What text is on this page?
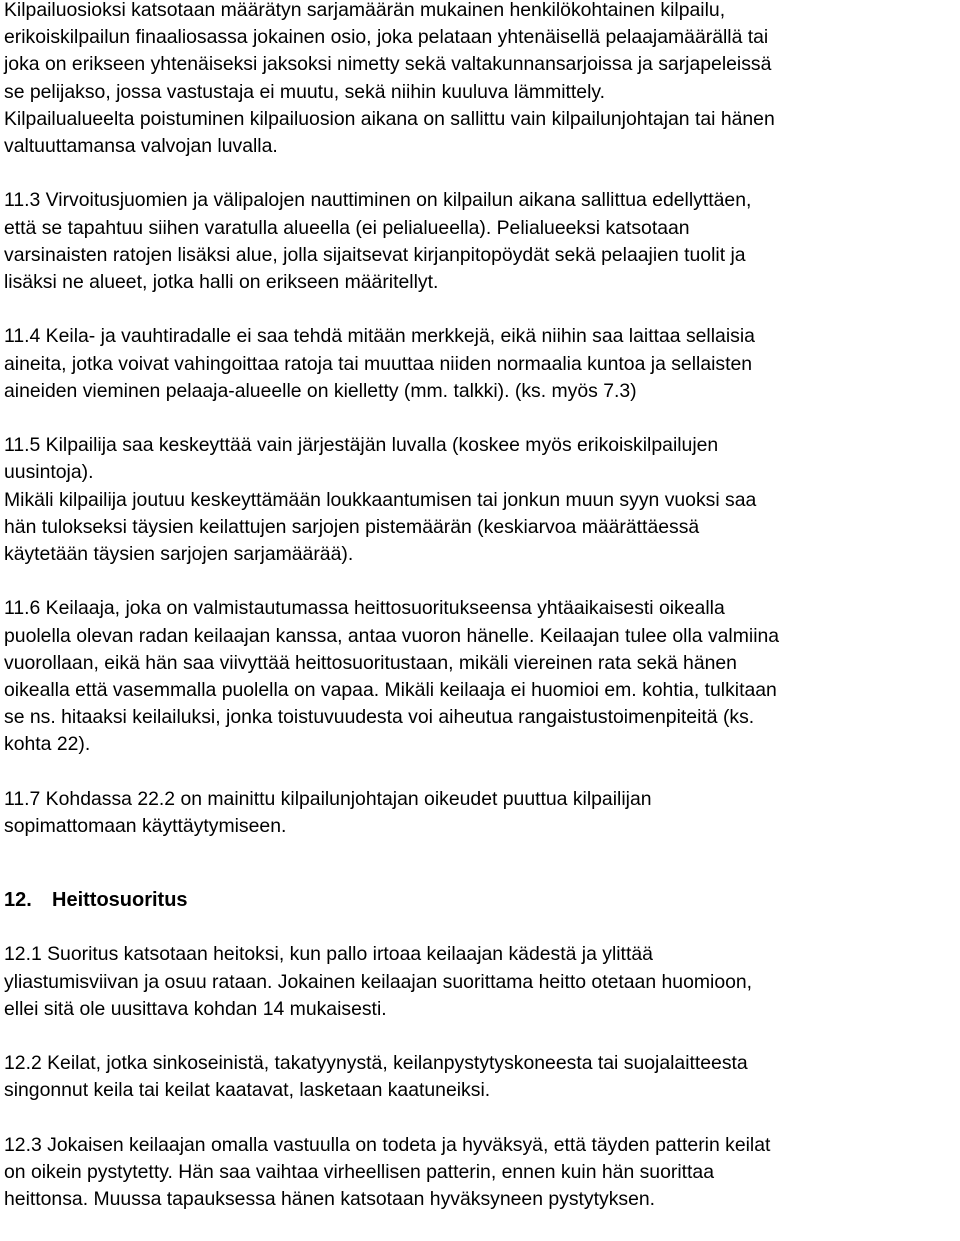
Kilpailuosioksi katsotaan määrätyn sarjamäärän mukainen henkilökohtainen kilpailu,
erikoiskilpailun finaaliosassa jokainen osio, joka pelataan yhtenäisellä pelaajamäärällä tai
joka on erikseen yhtenäiseksi jaksoksi nimetty sekä valtakunnansarjoissa ja sarjapeleissä
se pelijakso, jossa vastustaja ei muutu, sekä niihin kuuluva lämmittely.
Kilpailualueelta poistuminen kilpailuosion aikana on sallittu vain kilpailunjohtajan tai hänen
valtuuttamansa valvojan luvalla.
11.3 Virvoitusjuomien ja välipalojen nauttiminen on kilpailun aikana sallittua edellyttäen,
että se tapahtuu siihen varatulla alueella (ei pelialueella). Pelialueeksi katsotaan
varsinaisten ratojen lisäksi alue, jolla sijaitsevat kirjanpitopöydät sekä pelaajien tuolit ja
lisäksi ne alueet, jotka halli on erikseen määritellyt.
11.4 Keila- ja vauhtiradalle ei saa tehdä mitään merkkejä, eikä niihin saa laittaa sellaisia
aineita, jotka voivat vahingoittaa ratoja tai muuttaa niiden normaalia kuntoa ja sellaisten
aineiden vieminen pelaaja-alueelle on kielletty (mm. talkki). (ks. myös 7.3)
11.5 Kilpailija saa keskeyttää vain järjestäjän luvalla (koskee myös erikoiskilpailujen
uusintoja).
Mikäli kilpailija joutuu keskeyttämään loukkaantumisen tai jonkun muun syyn vuoksi saa
hän tulokseksi täysien keilattujen sarjojen pistemäärän (keskiarvoa määrättäessä
käytetään täysien sarjojen sarjamäärää).
11.6 Keilaaja, joka on valmistautumassa heittosuoritukseensa yhtäaikaisesti oikealla
puolella olevan radan keilaajan kanssa, antaa vuoron hänelle. Keilaajan tulee olla valmiina
vuorollaan, eikä hän saa viivyttää heittosuoritustaan, mikäli viereinen rata sekä hänen
oikealla että vasemmalla puolella on vapaa. Mikäli keilaaja ei huomioi em. kohtia, tulkitaan
se ns. hitaaksi keilailuksi, jonka toistuvuudesta voi aiheutua rangaistustoimenpiteitä (ks.
kohta 22).
11.7 Kohdassa 22.2 on mainittu kilpailunjohtajan oikeudet puuttua kilpailijan
sopimattomaan käyttäytymiseen.
12. Heittosuoritus
12.1 Suoritus katsotaan heitoksi, kun pallo irtoaa keilaajan kädestä ja ylittää
yliastumisviivan ja osuu rataan. Jokainen keilaajan suorittama heitto otetaan huomioon,
ellei sitä ole uusittava kohdan 14 mukaisesti.
12.2 Keilat, jotka sinkoseinistä, takatyynystä, keilanpystytyskoneesta tai suojalaitteesta
singonnut keila tai keilat kaatavat, lasketaan kaatuneiksi.
12.3 Jokaisen keilaajan omalla vastuulla on todeta ja hyväksyä, että täyden patterin keilat
on oikein pystytetty. Hän saa vaihtaa virheellisen patterin, ennen kuin hän suorittaa
heittonsa. Muussa tapauksessa hänen katsotaan hyväksyneen pystytyksen.
